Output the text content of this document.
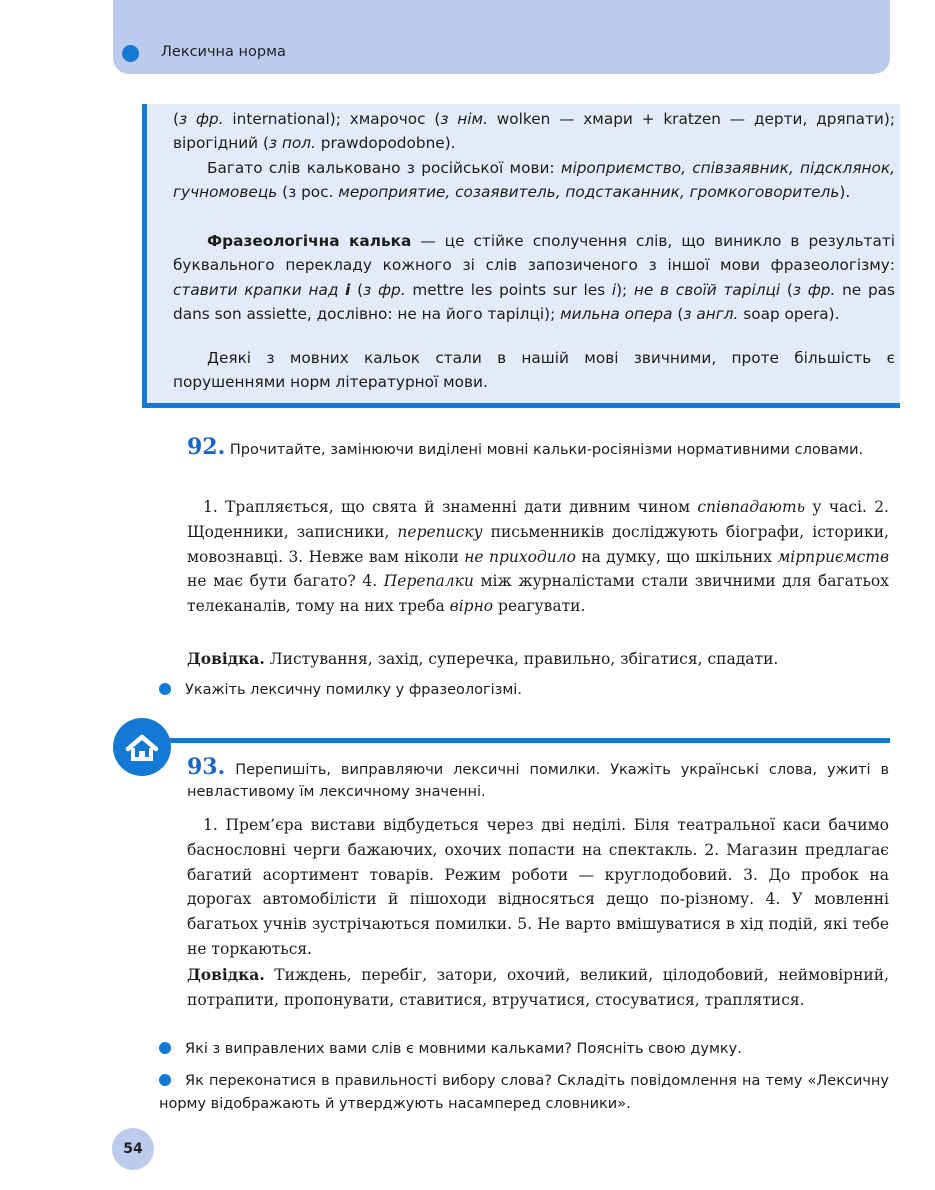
Лексична норма

(з фр. international); хмарочос (з нім. wolken — хмари + kratzen — дерти, дряпати); вірогідний (з пол. prawdopodobne).

Багато слів кальковано з російської мови: міроприємство, співзаявник, підсклянок, гучномовець (з рос. мероприятие, созаявитель, подстаканник, громкоговоритель).

Фразеологічна калька — це стійке сполучення слів, що виникло в результаті буквального перекладу кожного зі слів запозиченого з іншої мови фразеологізму: ставити крапки над і (з фр. mettre les points sur les i); не в своїй тарілці (з фр. ne pas dans son assiette, дослівно: не на його тарілці); мильна опера (з англ. soap opera).

Деякі з мовних кальок стали в нашій мові звичними, проте більшість є порушеннями норм літературної мови.

92. Прочитайте, замінюючи виділені мовні кальки-росіянізми нормативними словами.
1. Трапляється, що свята й знаменні дати дивним чином співпадають у часі. 2. Щоденники, записники, переписку письменників досліджують біографи, історики, мовознавці. 3. Невже вам ніколи не приходило на думку, що шкільних мірприємств не має бути багато? 4. Перепалки між журналістами стали звичними для багатьох телеканалів, тому на них треба вірно реагувати.
Довідка. Листування, захід, суперечка, правильно, збігатися, спадати.
Укажіть лексичну помилку у фразеологізмі.
93. Перепишіть, виправляючи лексичні помилки. Укажіть українські слова, ужиті в невластивому їм лексичному значенні.
1. Прем’єра вистави відбудеться через дві неділі. Біля театральної каси бачимо баснословні черги бажаючих, охочих попасти на спектакль. 2. Магазин предлагає багатий асортимент товарів. Режим роботи — круглодобовий. 3. До пробок на дорогах автомобілісти й пішоходи відносяться дещо по-різному. 4. У мовленні багатьох учнів зустрічаються помилки. 5. Не варто вмішуватися в хід подій, які тебе не торкаються.
Довідка. Тиждень, перебіг, затори, охочий, великий, цілодобовий, неймовірний, потрапити, пропонувати, ставитися, втручатися, стосуватися, траплятися.
Які з виправлених вами слів є мовними кальками? Поясніть свою думку.
Як переконатися в правильності вибору слова? Складіть повідомлення на тему «Лексичну норму відображають й утверджують насамперед словники».
54
